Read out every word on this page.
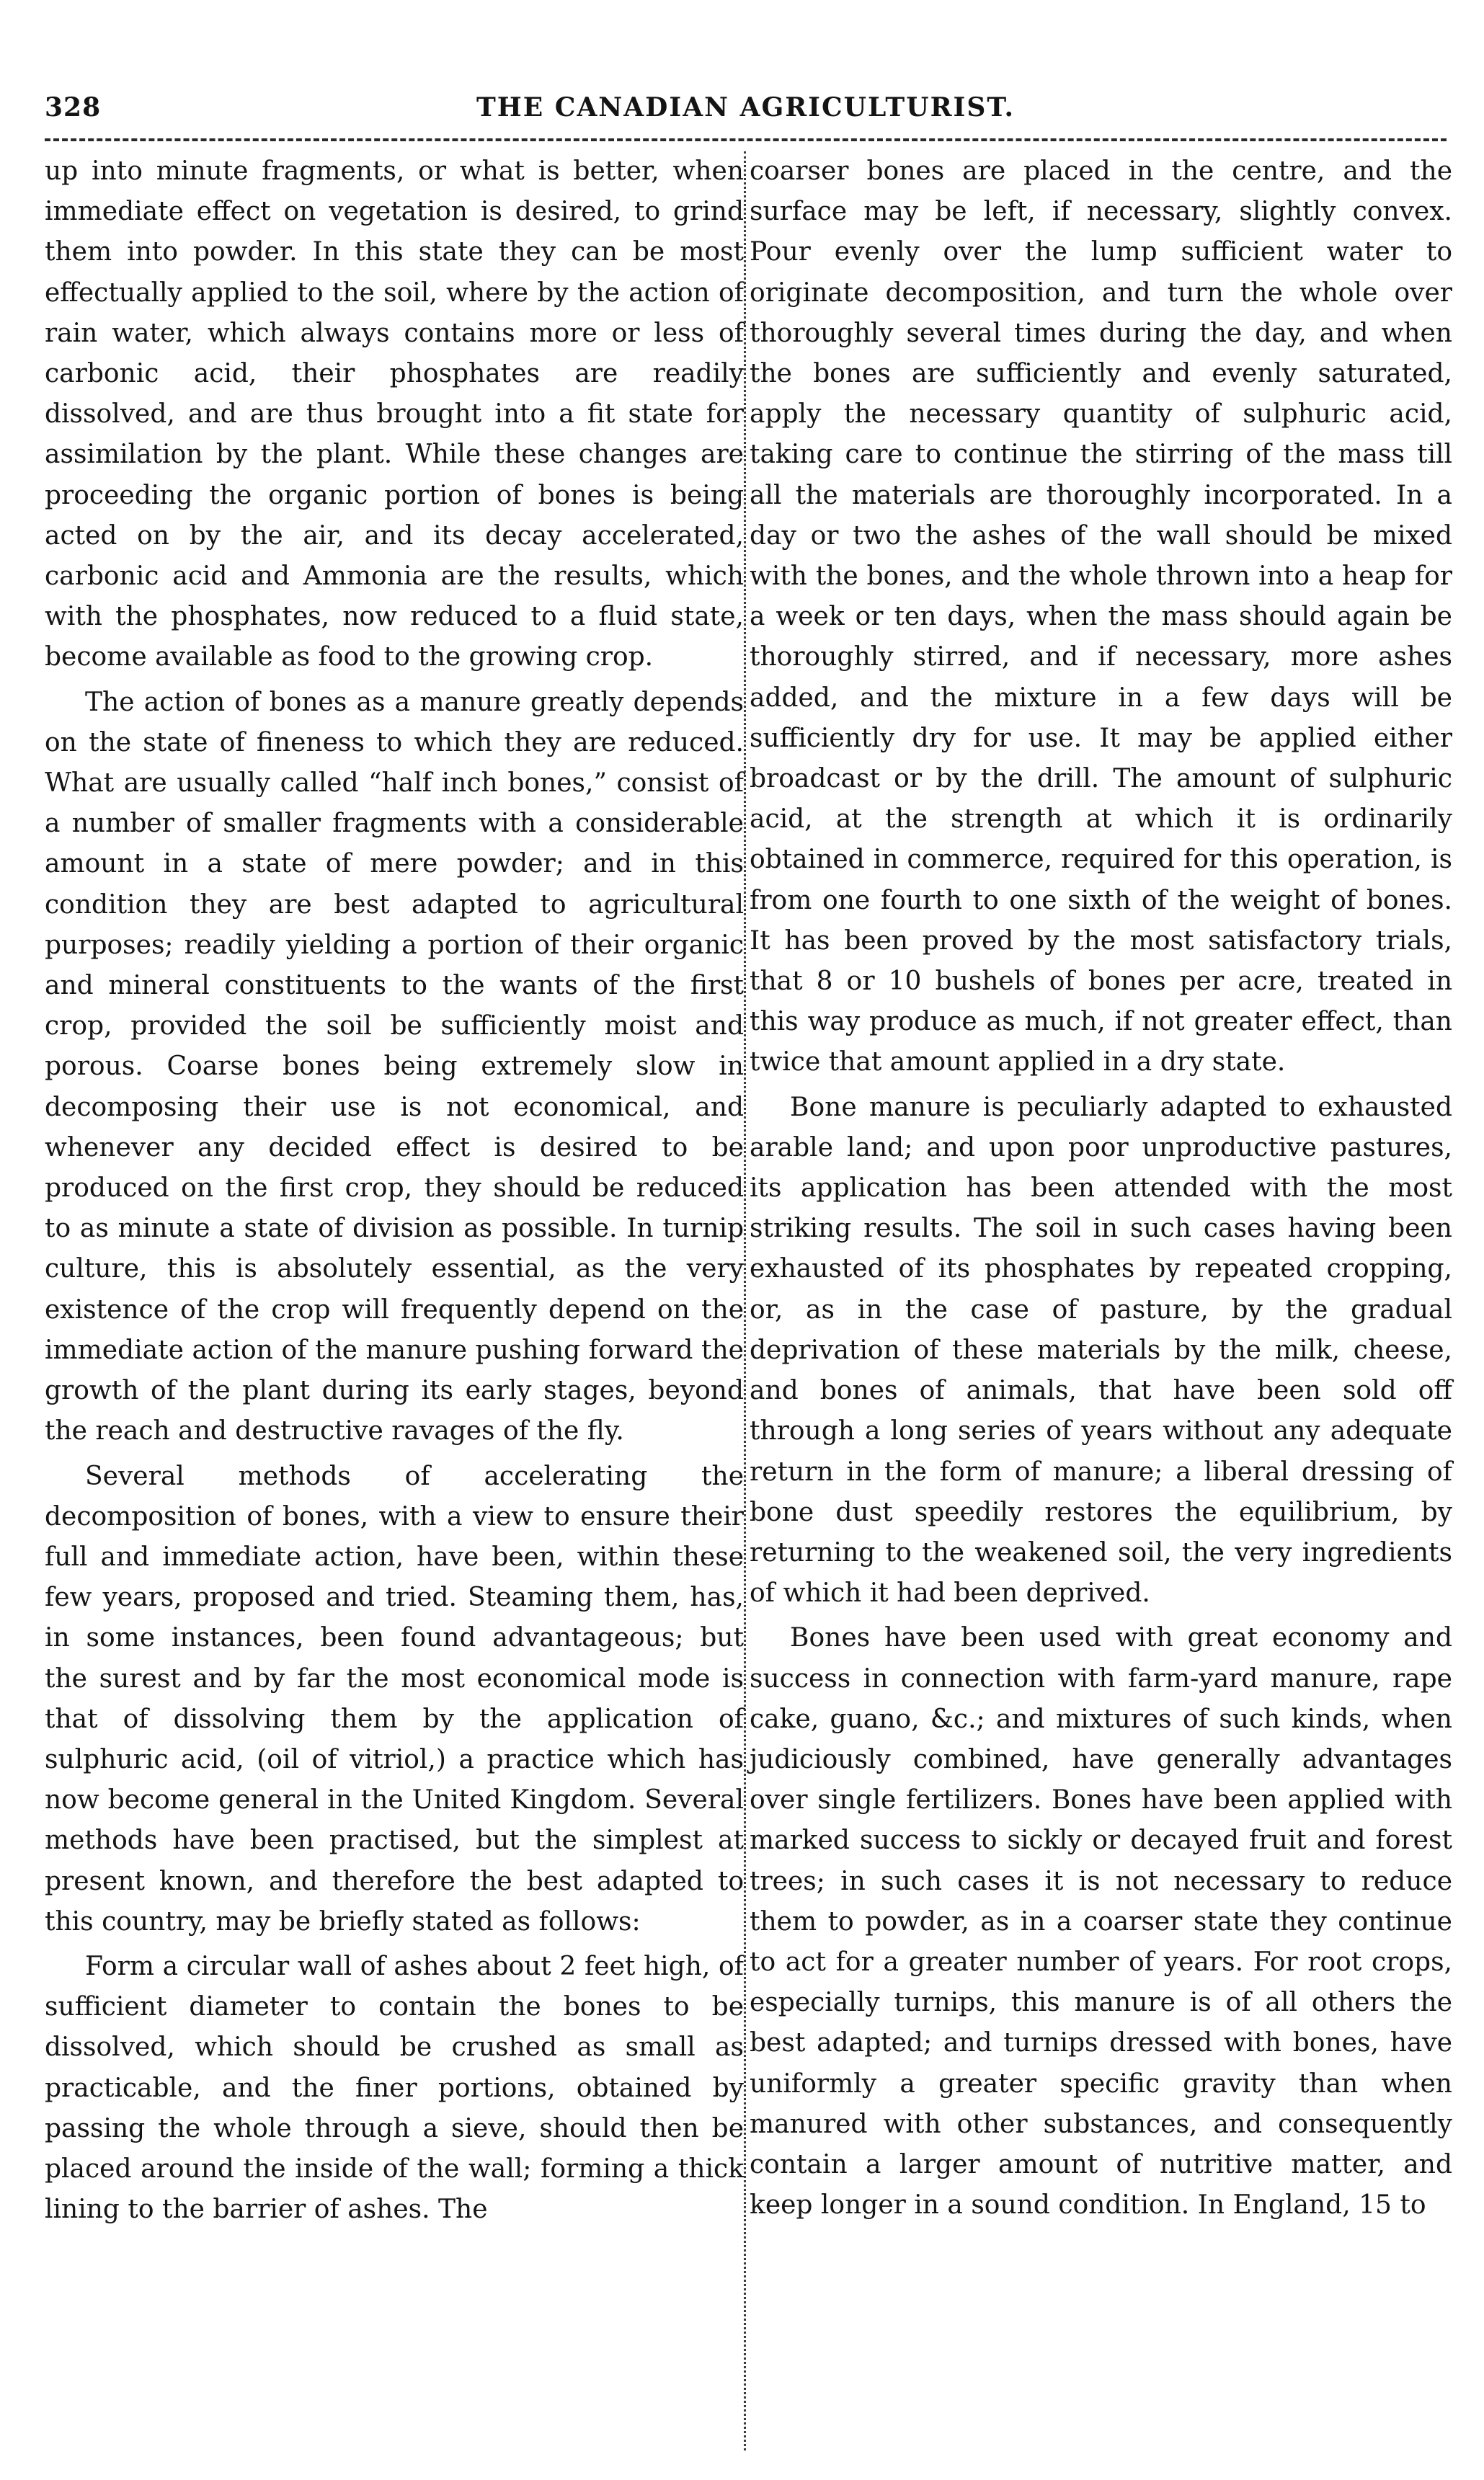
328	THE CANADIAN AGRICULTURIST.

up into minute fragments, or what is better, when immediate effect on vegetation is desired, to grind them into powder. In this state they can be most effectually applied to the soil, where by the action of rain water, which always contains more or less of carbonic acid, their phosphates are readily dissolved, and are thus brought into a fit state for assimilation by the plant. While these changes are proceeding the organic portion of bones is being acted on by the air, and its decay accelerated, carbonic acid and Ammonia are the results, which with the phosphates, now reduced to a fluid state, become available as food to the growing crop.

The action of bones as a manure greatly depends on the state of fineness to which they are reduced. What are usually called “half inch bones,” consist of a number of smaller fragments with a considerable amount in a state of mere powder; and in this condition they are best adapted to agricultural purposes; readily yielding a portion of their organic and mineral constituents to the wants of the first crop, provided the soil be sufficiently moist and porous. Coarse bones being extremely slow in decomposing their use is not economical, and whenever any decided effect is desired to be produced on the first crop, they should be reduced to as minute a state of division as possible. In turnip culture, this is absolutely essential, as the very existence of the crop will frequently depend on the immediate action of the manure pushing forward the growth of the plant during its early stages, beyond the reach and destructive ravages of the fly.

Several methods of accelerating the decomposition of bones, with a view to ensure their full and immediate action, have been, within these few years, proposed and tried. Steaming them, has, in some instances, been found advantageous; but the surest and by far the most economical mode is that of dissolving them by the application of sulphuric acid, (oil of vitriol,) a practice which has now become general in the United Kingdom. Several methods have been practised, but the simplest at present known, and therefore the best adapted to this country, may be briefly stated as follows:

Form a circular wall of ashes about 2 feet high, of sufficient diameter to contain the bones to be dissolved, which should be crushed as small as practicable, and the finer portions, obtained by passing the whole through a sieve, should then be placed around the inside of the wall; forming a thick lining to the barrier of ashes. The

coarser bones are placed in the centre, and the surface may be left, if necessary, slightly convex. Pour evenly over the lump sufficient water to originate decomposition, and turn the whole over thoroughly several times during the day, and when the bones are sufficiently and evenly saturated, apply the necessary quantity of sulphuric acid, taking care to continue the stirring of the mass till all the materials are thoroughly incorporated. In a day or two the ashes of the wall should be mixed with the bones, and the whole thrown into a heap for a week or ten days, when the mass should again be thoroughly stirred, and if necessary, more ashes added, and the mixture in a few days will be sufficiently dry for use. It may be applied either broadcast or by the drill. The amount of sulphuric acid, at the strength at which it is ordinarily obtained in commerce, required for this operation, is from one fourth to one sixth of the weight of bones. It has been proved by the most satisfactory trials, that 8 or 10 bushels of bones per acre, treated in this way produce as much, if not greater effect, than twice that amount applied in a dry state.

Bone manure is peculiarly adapted to exhausted arable land; and upon poor unproductive pastures, its application has been attended with the most striking results. The soil in such cases having been exhausted of its phosphates by repeated cropping, or, as in the case of pasture, by the gradual deprivation of these materials by the milk, cheese, and bones of animals, that have been sold off through a long series of years without any adequate return in the form of manure; a liberal dressing of bone dust speedily restores the equilibrium, by returning to the weakened soil, the very ingredients of which it had been deprived.

Bones have been used with great economy and success in connection with farm-yard manure, rape cake, guano, &c.; and mixtures of such kinds, when judiciously combined, have generally advantages over single fertilizers. Bones have been applied with marked success to sickly or decayed fruit and forest trees; in such cases it is not necessary to reduce them to powder, as in a coarser state they continue to act for a greater number of years. For root crops, especially turnips, this manure is of all others the best adapted; and turnips dressed with bones, have uniformly a greater specific gravity than when manured with other substances, and consequently contain a larger amount of nutritive matter, and keep longer in a sound condition. In England, 15 to
